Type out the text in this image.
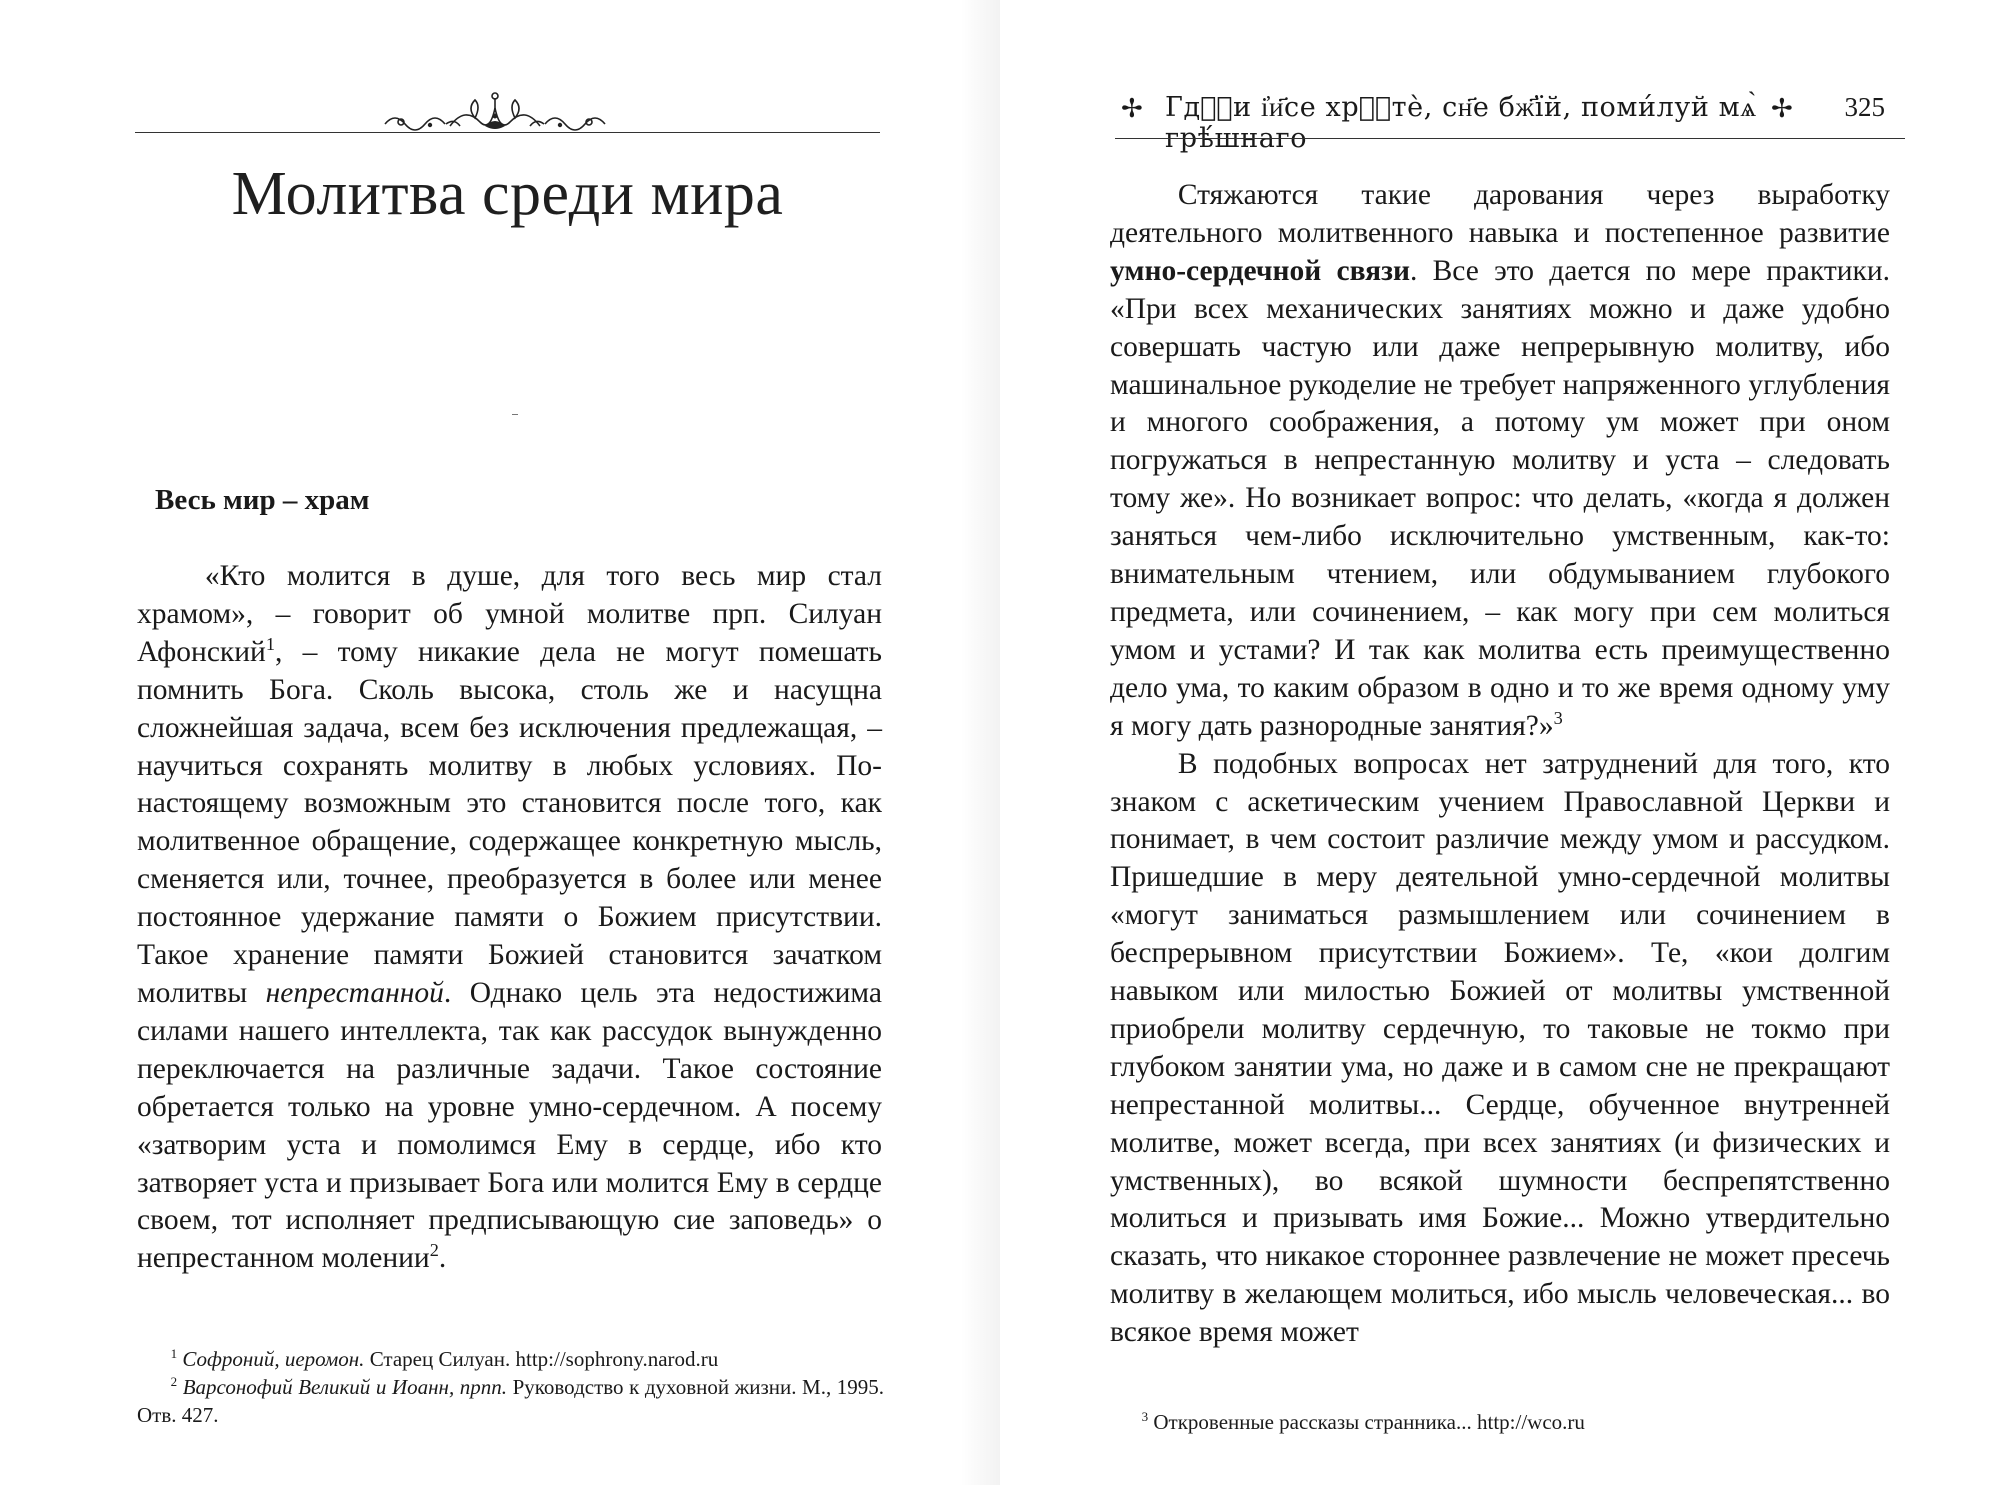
Молитва среди мира
Весь мир – храм

«Кто молится в душе, для того весь мир стал храмом», – говорит об умной молитве прп. Силуан Афонский$^1$, – тому никакие дела не могут помешать помнить Бога. Сколь высока, столь же и насущна сложнейшая задача, всем без исключения предлежащая, – научиться сохранять молитву в любых условиях. По-настоящему возможным это становится после того, как молитвенное обращение, содержащее конкретную мысль, сменяется или, точнее, преобразуется в более или менее постоянное удержание памяти о Божием присутствии. Такое хранение памяти Божией становится зачатком молитвы непрестанной. Однако цель эта недостижима силами нашего интеллекта, так как рассудок вынужденно переключается на различные задачи. Такое состояние обретается только на уровне умно-сердечном. А посему «затворим уста и помолимся Ему в сердце, ибо кто затворяет уста и призывает Бога или молится Ему в сердце своем, тот исполняет предписывающую сие заповедь» о непрестанном молении$^2$.

$^1$ Софроний, иеромон. Старец Силуан. http://sophrony.narod.ru

$^2$ Варсонофий Великий и Иоанн, прпп. Руководство к духовной жизни. М., 1995. Отв. 427.

✢ Гдⷭ҇и і҆и҃се хрⷭ҇тѐ, сн҃е бж҃їй, поми́луй мѧ̀ грѣ́шнаго
✢ 325

Стяжаются такие дарования через выработку деятельного молитвенного навыка и постепенное развитие умно-сердечной связи. Все это дается по мере практики. «При всех механических занятиях можно и даже удобно совершать частую или даже непрерывную молитву, ибо машинальное рукоделие не требует напряженного углубления и многого соображения, а потому ум может при оном погружаться в непрестанную молитву и уста – следовать тому же». Но возникает вопрос: что делать, «когда я должен заняться чем-либо исключительно умственным, как-то: внимательным чтением, или обдумыванием глубокого предмета, или сочинением, – как могу при сем молиться умом и устами? И так как молитва есть преимущественно дело ума, то каким образом в одно и то же время одному уму я могу дать разнородные занятия?»$^3$

В подобных вопросах нет затруднений для того, кто знаком с аскетическим учением Православной Церкви и понимает, в чем состоит различие между умом и рассудком. Пришедшие в меру деятельной умно-сердечной молитвы «могут заниматься размышлением или сочинением в беспрерывном присутствии Божием». Те, «кои долгим навыком или милостью Божией от молитвы умственной приобрели молитву сердечную, то таковые не токмо при глубоком занятии ума, но даже и в самом сне не прекращают непрестанной молитвы... Сердце, обученное внутренней молитве, может всегда, при всех занятиях (и физических и умственных), во всякой шумности беспрепятственно молиться и призывать имя Божие... Можно утвердительно сказать, что никакое стороннее развлечение не может пресечь молитву в желающем молиться, ибо мысль человеческая... во всякое время может

$^3$ Откровенные рассказы странника... http://wco.ru
